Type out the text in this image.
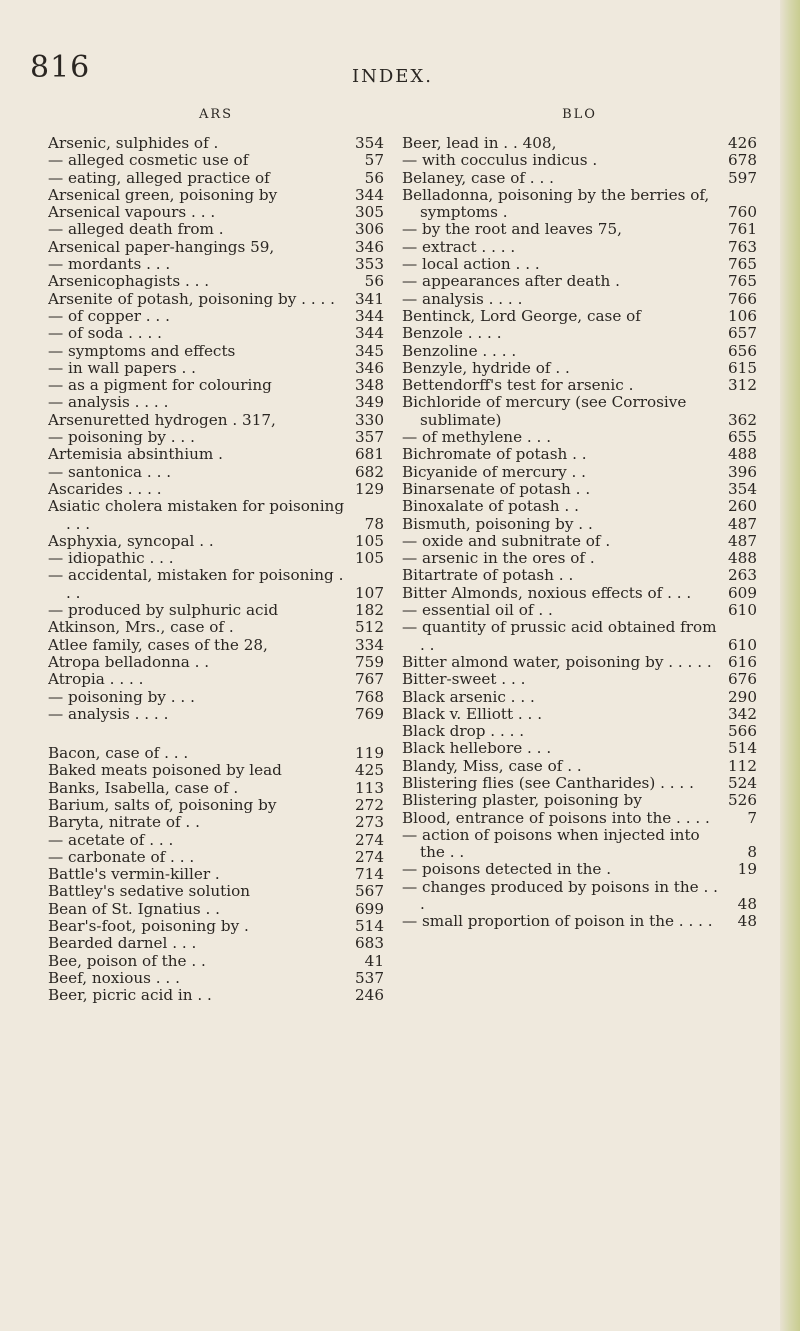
816	INDEX.
ARS
Arsenic, sulphides of .	354
— alleged cosmetic use of	57
— eating, alleged practice of	56
Arsenical green, poisoning by	344
Arsenical vapours . . .	305
— alleged death from .	306
Arsenical paper-hangings 59,	346
— mordants . . .	353
Arsenicophagists . . .	56
Arsenite of potash, poisoning by . . . .	341
— of copper . . .	344
— of soda . . . .	344
— symptoms and effects	345
— in wall papers . .	346
— as a pigment for colouring	348
— analysis . . . .	349
Arsenuretted hydrogen . 317,	330
— poisoning by . . .	357
Artemisia absinthium .	681
— santonica . . .	682
Ascarides . . . .	129
Asiatic cholera mistaken for poisoning . . .	78
Asphyxia, syncopal . .	105
— idiopathic . . .	105
— accidental, mistaken for poisoning . . .	107
— produced by sulphuric acid	182
Atkinson, Mrs., case of .	512
Atlee family, cases of the 28,	334
Atropa belladonna . .	759
Atropia . . . .	767
— poisoning by . . .	768
— analysis . . . .	769
Bacon, case of . . .	119
Baked meats poisoned by lead	425
Banks, Isabella, case of .	113
Barium, salts of, poisoning by	272
Baryta, nitrate of . .	273
— acetate of . . .	274
— carbonate of . . .	274
Battle's vermin-killer .	714
Battley's sedative solution	567
Bean of St. Ignatius . .	699
Bear's-foot, poisoning by .	514
Bearded darnel . . .	683
Bee, poison of the . .	41
Beef, noxious . . .	537
Beer, picric acid in . .	246
BLO
Beer, lead in . . 408,	426
— with cocculus indicus .	678
Belaney, case of . . .	597
Belladonna, poisoning by the berries of, symptoms .	760
— by the root and leaves 75,	761
— extract . . . .	763
— local action . . .	765
— appearances after death .	765
— analysis . . . .	766
Bentinck, Lord George, case of	106
Benzole . . . .	657
Benzoline . . . .	656
Benzyle, hydride of . .	615
Bettendorff's test for arsenic .	312
Bichloride of mercury (see Corrosive sublimate)	362
— of methylene . . .	655
Bichromate of potash . .	488
Bicyanide of mercury . .	396
Binarsenate of potash . .	354
Binoxalate of potash . .	260
Bismuth, poisoning by . .	487
— oxide and subnitrate of .	487
— arsenic in the ores of .	488
Bitartrate of potash . .	263
Bitter Almonds, noxious effects of . . .	609
— essential oil of . .	610
— quantity of prussic acid obtained from . .	610
Bitter almond water, poisoning by . . . . .	616
Bitter-sweet . . .	676
Black arsenic . . .	290
Black v. Elliott . . .	342
Black drop . . . .	566
Black hellebore . . .	514
Blandy, Miss, case of . .	112
Blistering flies (see Cantharides) . . . .	524
Blistering plaster, poisoning by	526
Blood, entrance of poisons into the . . . .	7
— action of poisons when injected into the . .	8
— poisons detected in the .	19
— changes produced by poisons in the . . .	48
— small proportion of poison in the . . . .	48
